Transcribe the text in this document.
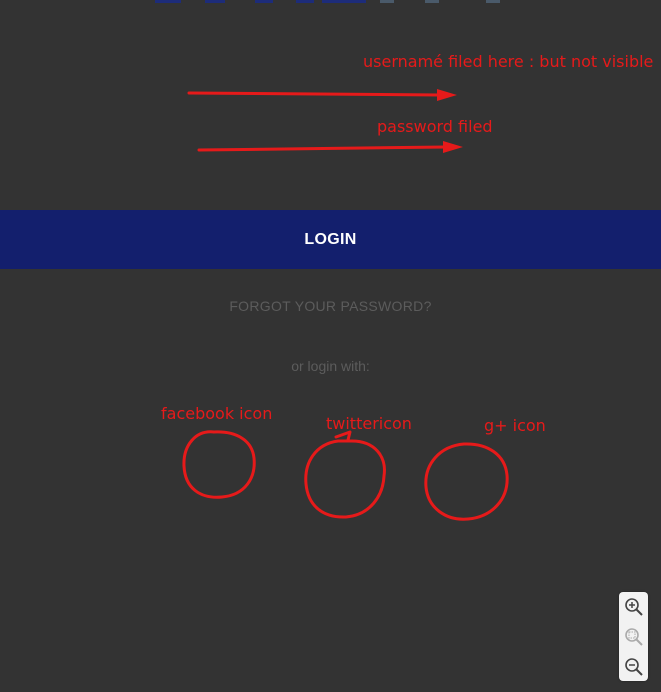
usernamé filed here : but not visible
password filed
facebook icon
twittericon	g+ icon
LOGIN
FORGOT YOUR PASSWORD?
or login with:
